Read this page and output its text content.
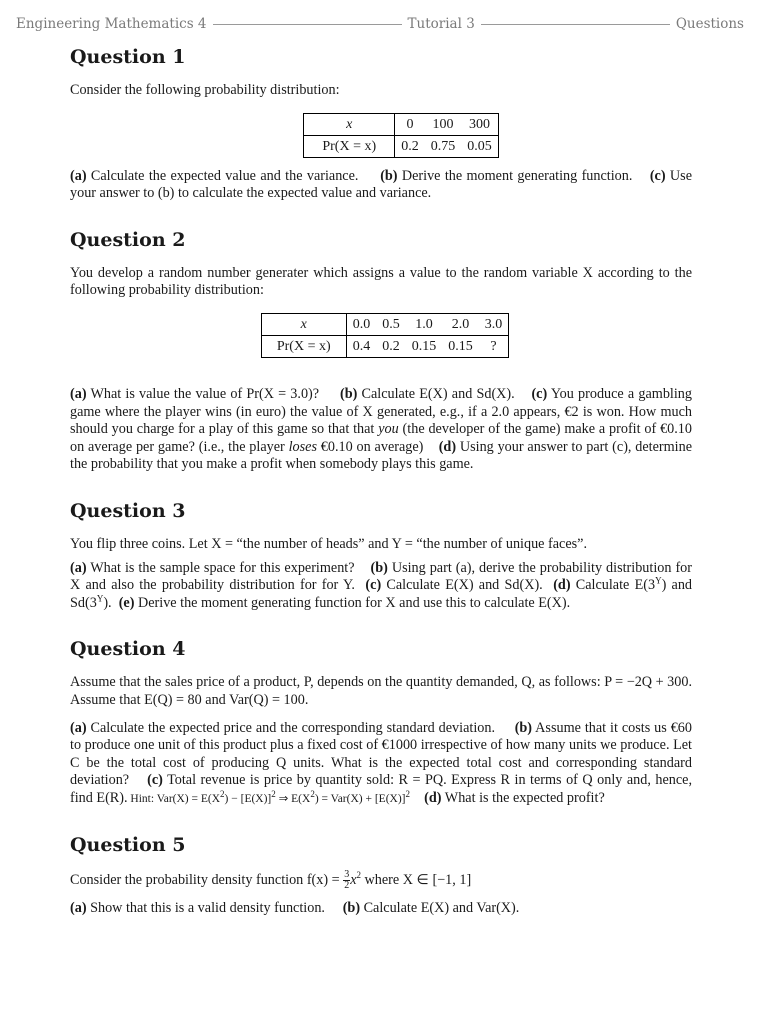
Engineering Mathematics 4	Tutorial 3	Questions
Question 1

Consider the following probability distribution:

x	0	100	300
Pr(X = x)	0.2	0.75	0.05

(a) Calculate the expected value and the variance. (b) Derive the moment generating function. (c) Use your answer to (b) to calculate the expected value and variance.

Question 2

You develop a random number generater which assigns a value to the random variable X according to the following probability distribution:

x	0.0	0.5	1.0	2.0	3.0
Pr(X = x)	0.4	0.2	0.15	0.15	?

(a) What is value the value of Pr(X = 3.0)? (b) Calculate E(X) and Sd(X). (c) You produce a gambling game where the player wins (in euro) the value of X generated, e.g., if a 2.0 appears, €2 is won. How much should you charge for a play of this game so that that you (the developer of the game) make a profit of €0.10 on average per game? (i.e., the player loses €0.10 on average) (d) Using your answer to part (c), determine the probability that you make a profit when somebody plays this game.

Question 3

You flip three coins. Let X = “the number of heads” and Y = “the number of unique faces”.

(a) What is the sample space for this experiment? (b) Using part (a), derive the probability distribution for X and also the probability distribution for for Y. (c) Calculate E(X) and Sd(X). (d) Calculate $E(3^Y)$ and $Sd(3^Y)$. (e) Derive the moment generating function for X and use this to calculate E(X).

Question 4

Assume that the sales price of a product, P, depends on the quantity demanded, Q, as follows: P = −2Q + 300. Assume that E(Q) = 80 and Var(Q) = 100.

(a) Calculate the expected price and the corresponding standard deviation. (b) Assume that it costs us €60 to produce one unit of this product plus a fixed cost of €1000 irrespective of how many units we produce. Let C be the total cost of producing Q units. What is the expected total cost and corresponding standard deviation? (c) Total revenue is price by quantity sold: R = PQ. Express R in terms of Q only and, hence, find E(R). Hint: $Var(X) = E(X^2) - [E(X)]^2$ ⇒ $E(X^2) = Var(X) + [E(X)]^2$ (d) What is the expected profit?

Question 5

Consider the probability density function $f(x) = \frac{3}{2} x^2$ where X ∈ [−1, 1]

(a) Show that this is a valid density function. (b) Calculate E(X) and Var(X).
